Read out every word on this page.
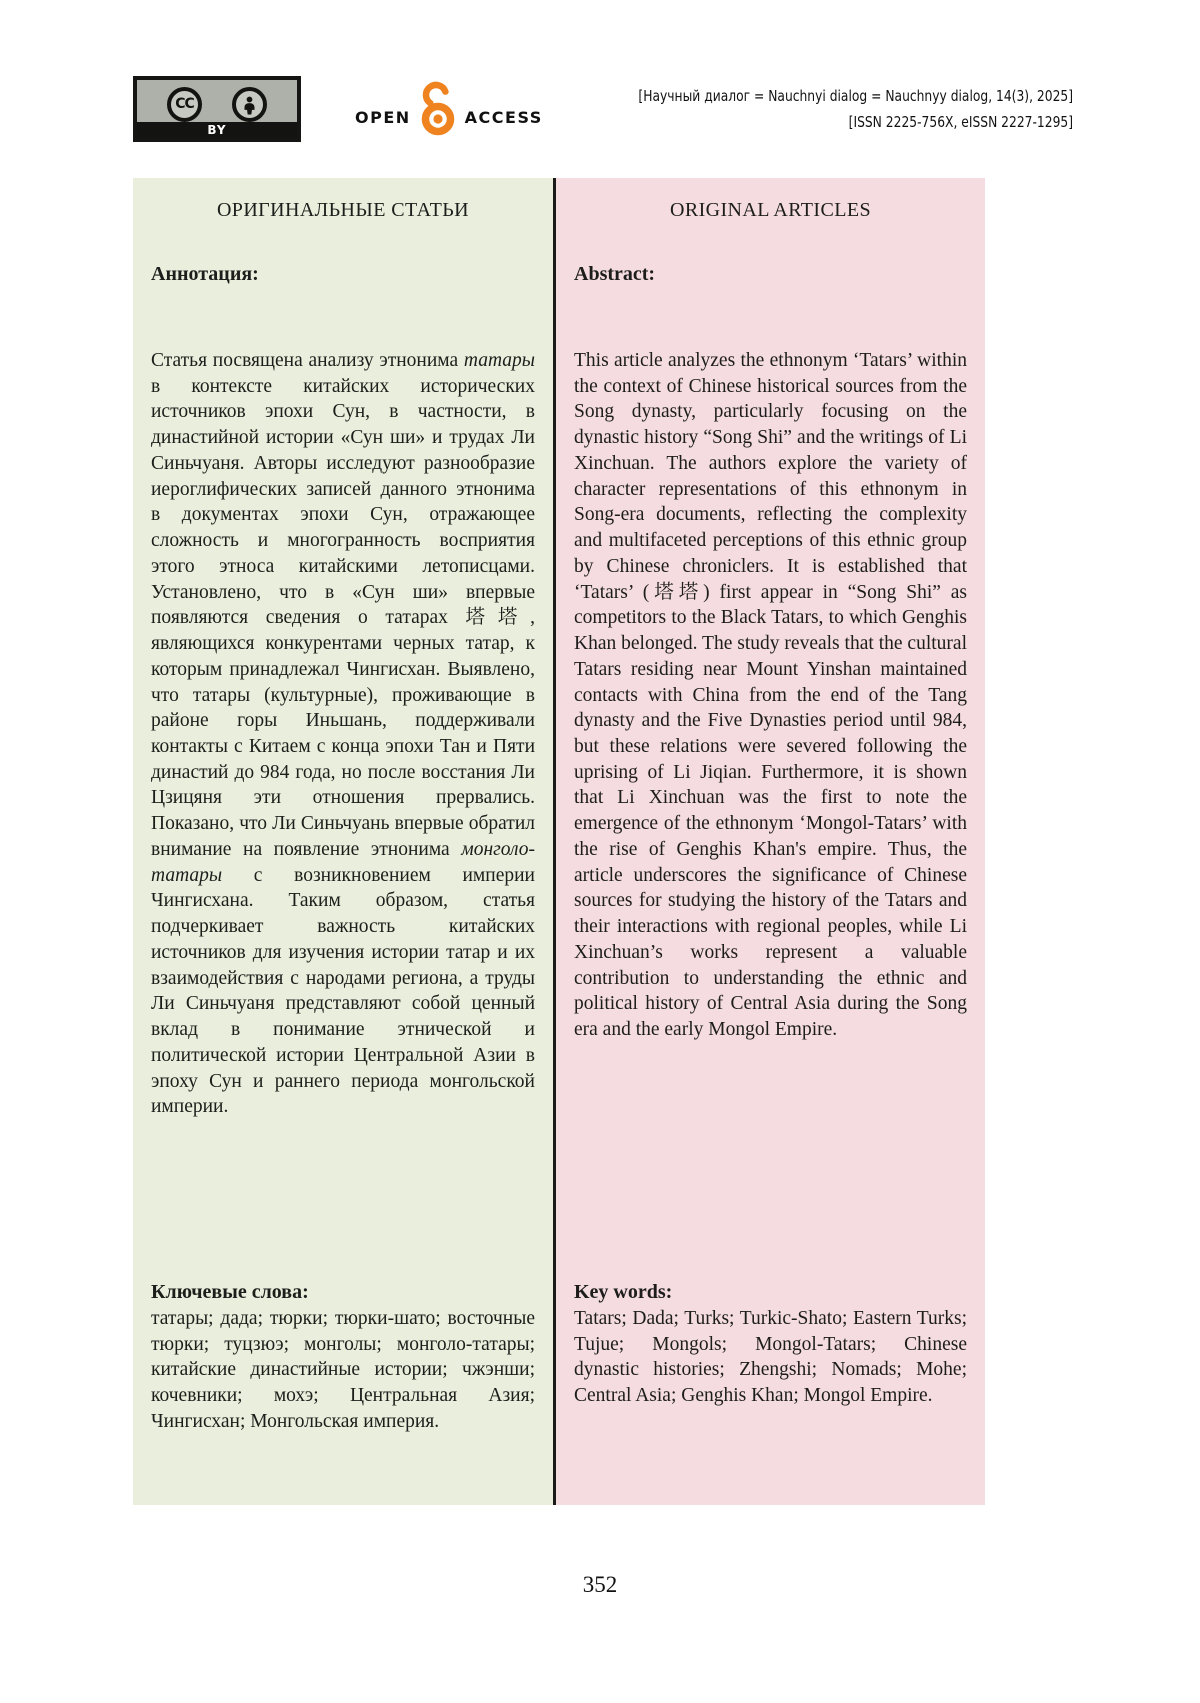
CC
BY
OPEN	ACCESS
[Научный диалог = Nauchnyi dialog = Nauchnyy dialog, 14(3), 2025]
[ISSN 2225-756X, eISSN 2227-1295]
ОРИГИНАЛЬНЫЕ СТАТЬИ
Аннотация:

Статья посвящена анализу этнонима татары в контексте китайских исторических источников эпохи Сун, в частности, в династийной истории «Сун ши» и трудах Ли Синьчуаня. Авторы исследуют разнообразие иероглифических записей данного этнонима в документах эпохи Сун, отражающее сложность и многогранность восприятия этого этноса китайскими летописцами. Установлено, что в «Сун ши» впервые появляются сведения о татарах 塔塔, являющихся конкурентами черных татар, к которым принадлежал Чингисхан. Выявлено, что татары (культурные), проживающие в районе горы Иньшань, поддерживали контакты с Китаем с конца эпохи Тан и Пяти династий до 984 года, но после восстания Ли Цзицяня эти отношения прервались. Показано, что Ли Синьчуань впервые обратил внимание на появление этнонима монголо-татары с возникновением империи Чингисхана. Таким образом, статья подчеркивает важность китайских источников для изучения истории татар и их взаимодействия с народами региона, а труды Ли Синьчуаня представляют собой ценный вклад в понимание этнической и политической истории Центральной Азии в эпоху Сун и раннего периода монгольской империи.

Ключевые слова:

татары; дада; тюрки; тюрки-шато; восточные тюрки; туцзюэ; монголы; монголо-татары; китайские династийные истории; чжэнши; кочевники; мохэ; Центральная Азия; Чингисхан; Монгольская империя.

ORIGINAL ARTICLES
Abstract:

This article analyzes the ethnonym ‘Tatars’ within the context of Chinese historical sources from the Song dynasty, particularly focusing on the dynastic history “Song Shi” and the writings of Li Xinchuan. The authors explore the variety of character representations of this ethnonym in Song-era documents, reflecting the complexity and multifaceted perceptions of this ethnic group by Chinese chroniclers. It is established that ‘Tatars’ (塔塔) first appear in “Song Shi” as competitors to the Black Tatars, to which Genghis Khan belonged. The study reveals that the cultural Tatars residing near Mount Yinshan maintained contacts with China from the end of the Tang dynasty and the Five Dynasties period until 984, but these relations were severed following the uprising of Li Jiqian. Furthermore, it is shown that Li Xinchuan was the first to note the emergence of the ethnonym ‘Mongol-Tatars’ with the rise of Genghis Khan's empire. Thus, the article underscores the significance of Chinese sources for studying the history of the Tatars and their interactions with regional peoples, while Li Xinchuan’s works represent a valuable contribution to understanding the ethnic and political history of Central Asia during the Song era and the early Mongol Empire.

Key words:

Tatars; Dada; Turks; Turkic-Shato; Eastern Turks; Tujue; Mongols; Mongol-Tatars; Chinese dynastic histories; Zhengshi; Nomads; Mohe; Central Asia; Genghis Khan; Mongol Empire.

352
